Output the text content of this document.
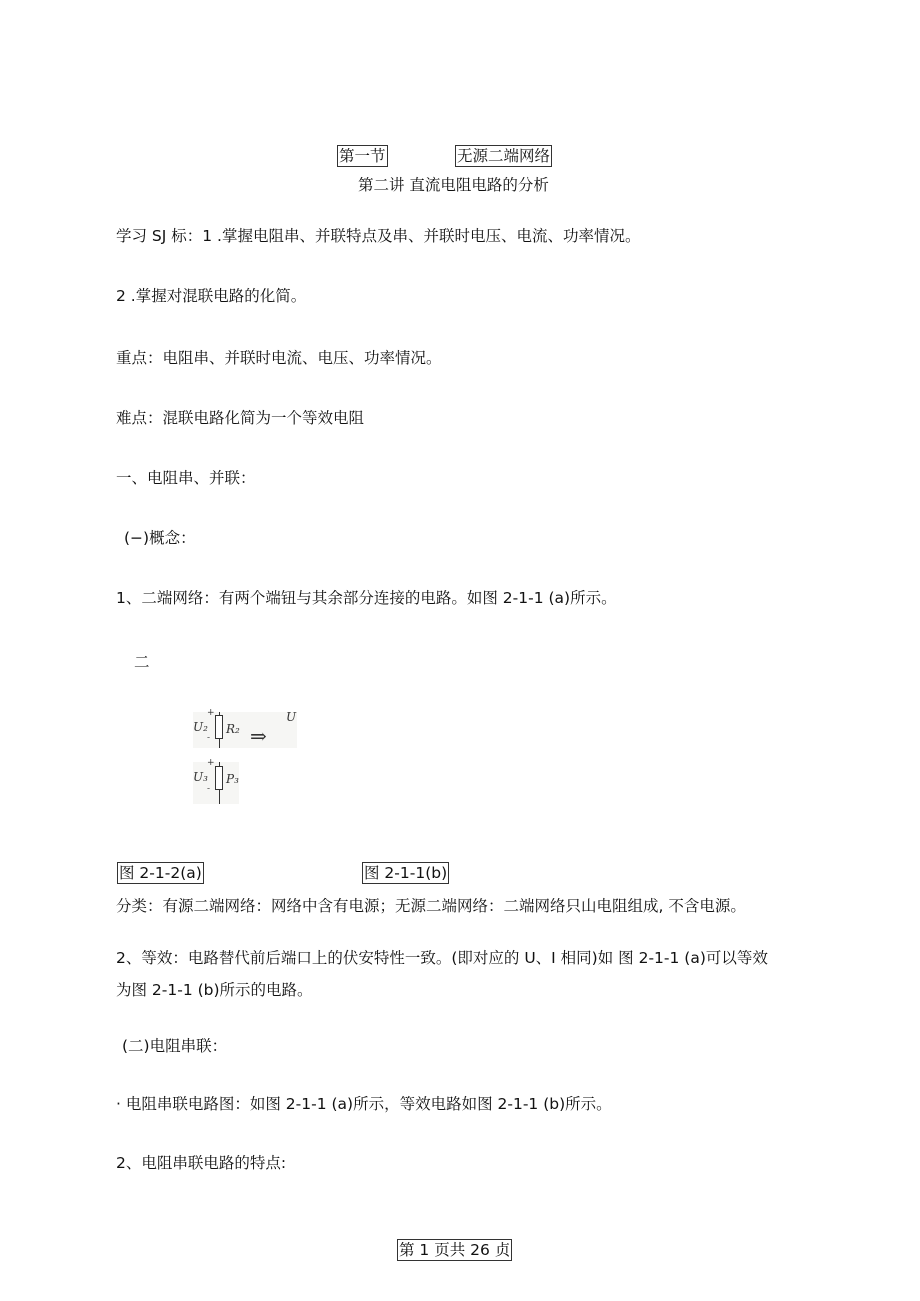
第一节	无源二端网络
第二讲 直流电阻电路的分析
学习 SJ 标：1 .掌握电阻串、并联特点及串、并联时电压、电流、功率情况。
2 .掌握对混联电路的化简。
重点：电阻串、并联时电流、电压、功率情况。
难点：混联电路化简为一个等效电阻
一、电阻串、并联：
(−)概念：
1、二端网络：有两个端钮与其余部分连接的电路。如图 2-1-1 (a)所示。
二
U₂
+
-
R₂ ⇒
U
U₃
+
-
P₃
图 2-1-2(a)	图 2-1-1(b)
分类：有源二端网络：网络中含有电源；无源二端网络：二端网络只山电阻组成, 不含电源。
2、等效：电路替代前后端口上的伏安特性一致。(即对应的 U、I 相同)如 图 2-1-1 (a)可以等效
为图 2-1-1 (b)所示的电路。
(二)电阻串联：
· 电阻串联电路图：如图 2-1-1 (a)所示，等效电路如图 2-1-1 (b)所示。
2、电阻串联电路的特点:
第 1 页共 26 贞
